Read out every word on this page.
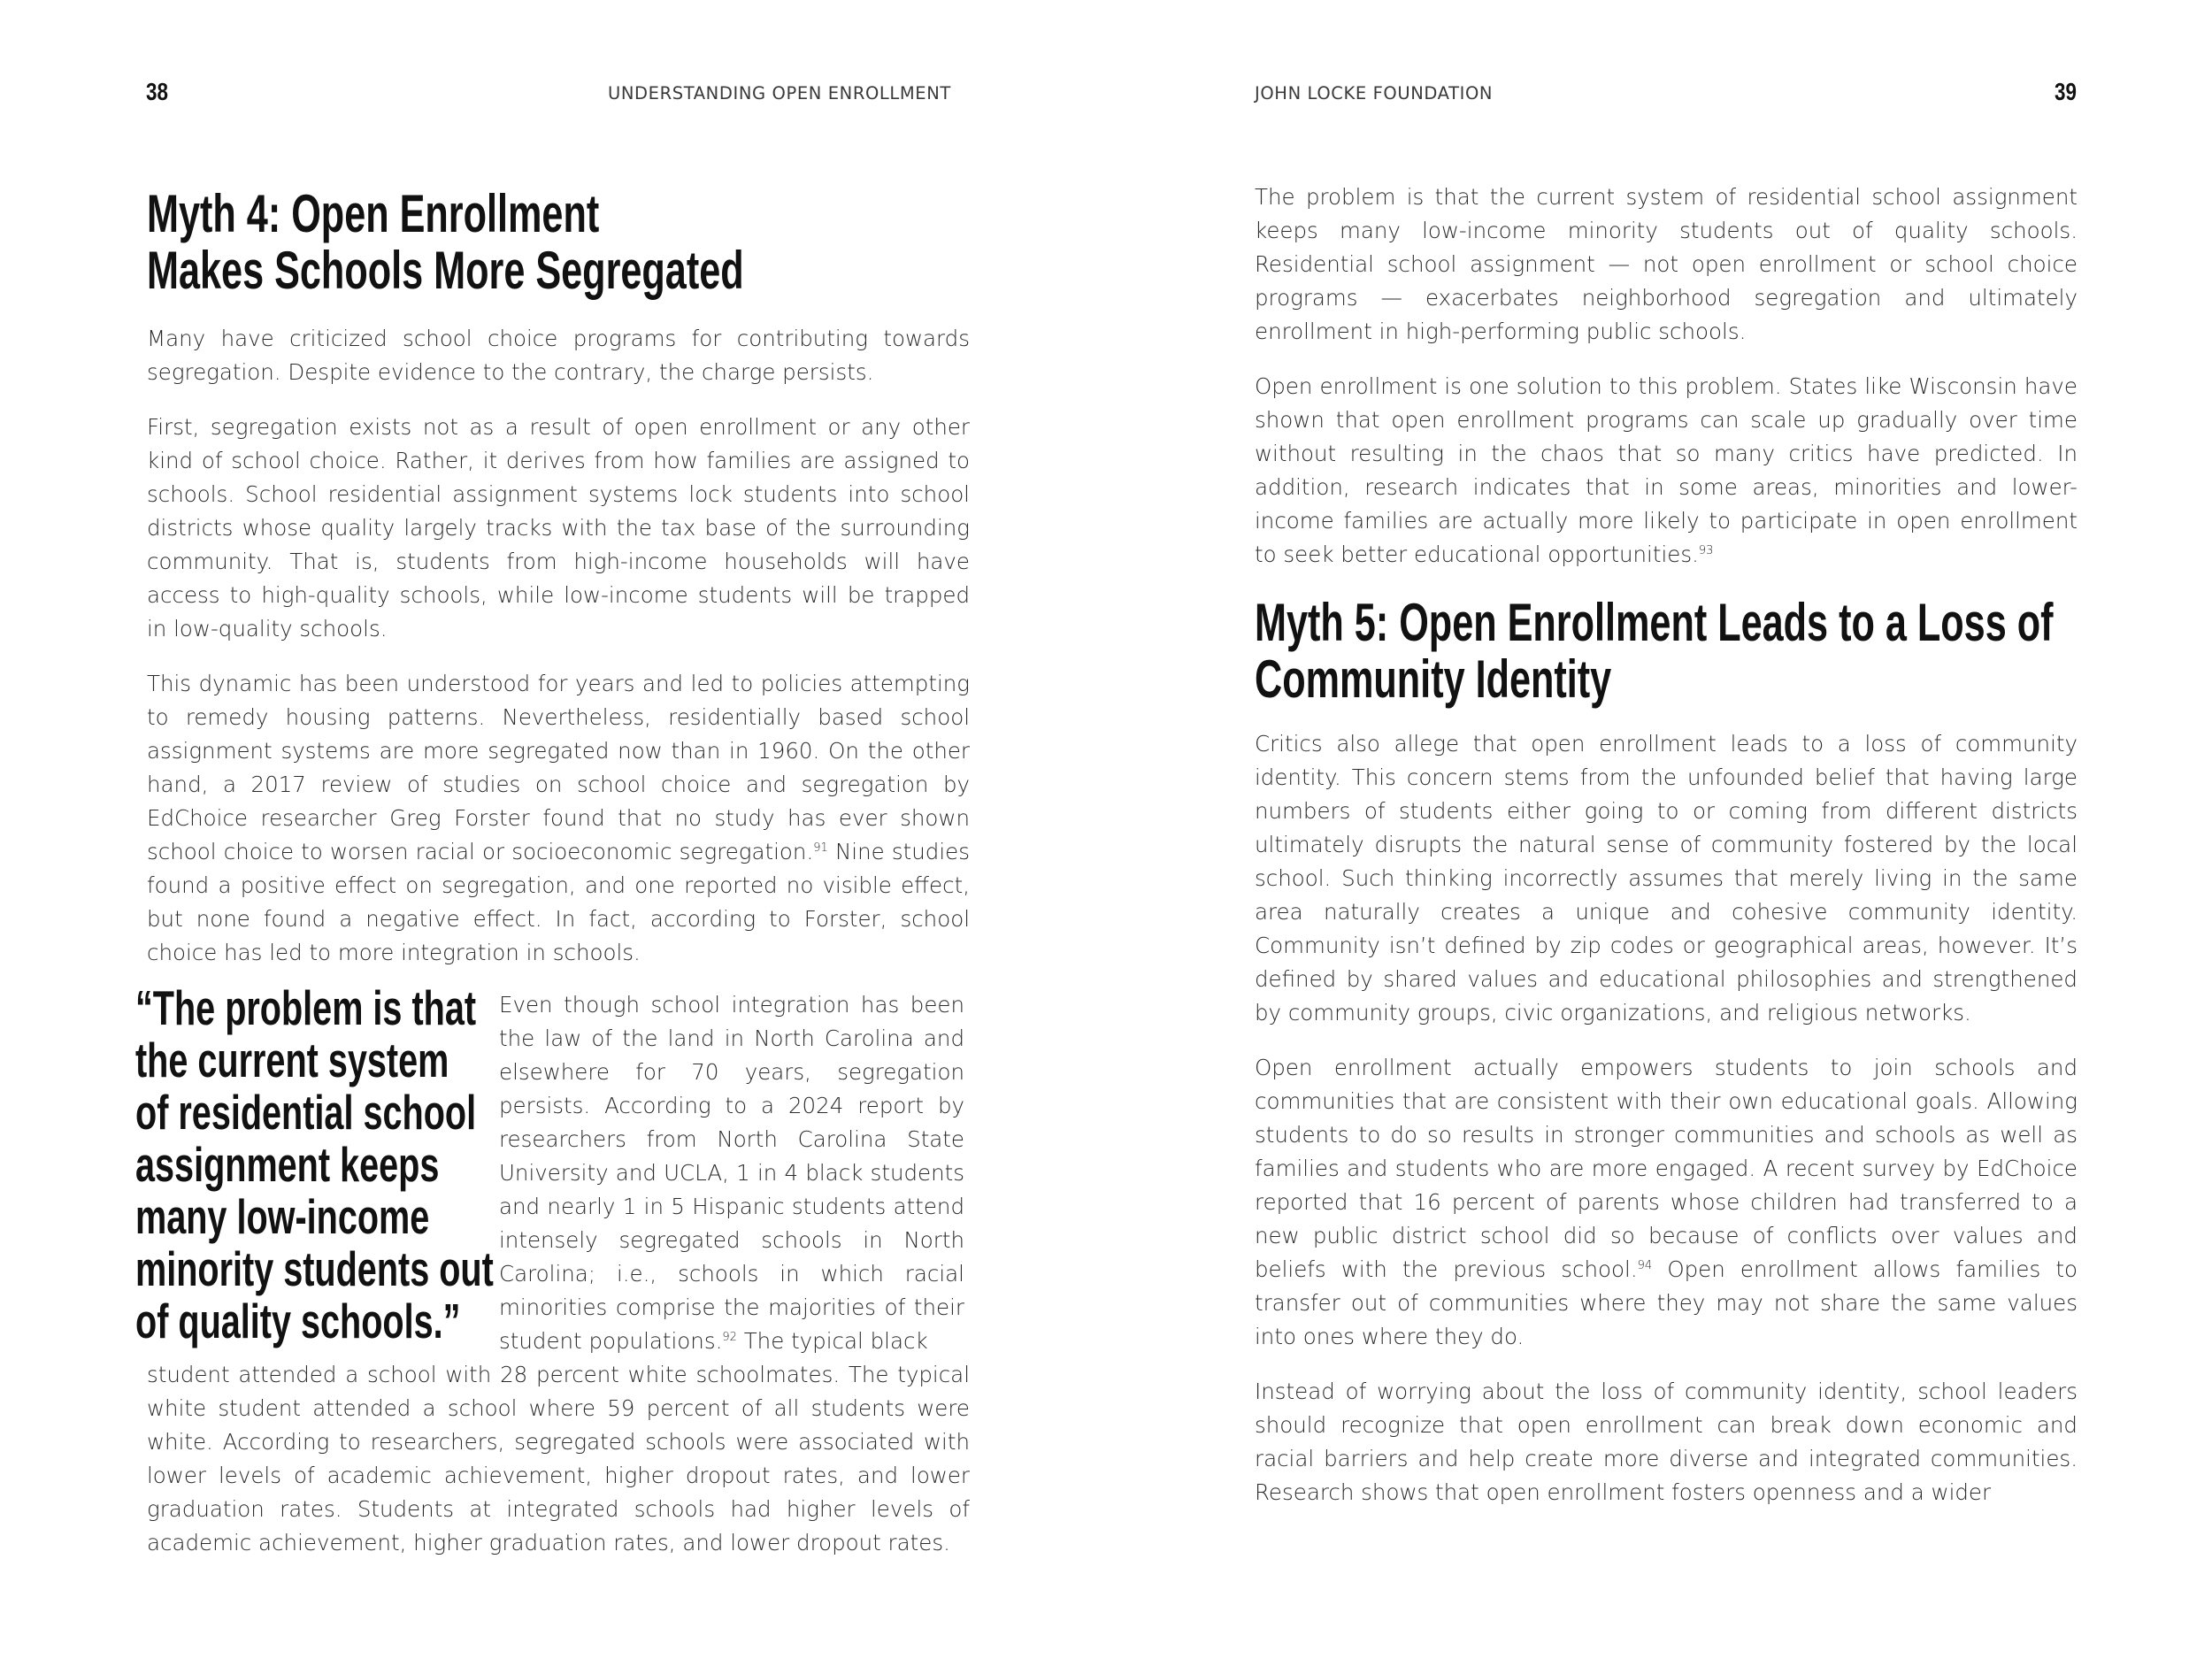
38	UNDERSTANDING OPEN ENROLLMENT
Myth 4: Open Enrollment
Makes Schools More Segregated

Many have criticized school choice programs for contributing towards segregation. Despite evidence to the contrary, the charge persists.

First, segregation exists not as a result of open enrollment or any other kind of school choice. Rather, it derives from how families are assigned to schools. School residential assignment systems lock students into school districts whose quality largely tracks with the tax base of the surrounding community. That is, students from high-income households will have access to high-quality schools, while low-income students will be trapped in low-quality schools.

This dynamic has been understood for years and led to policies attempting to remedy housing patterns. Nevertheless, residentially based school assignment systems are more segregated now than in 1960. On the other hand, a 2017 review of studies on school choice and segregation by EdChoice researcher Greg Forster found that no study has ever shown school choice to worsen racial or socioeconomic segregation.$^{91}$ Nine studies found a positive effect on segregation, and one reported no visible effect, but none found a negative effect. In fact, according to Forster, school choice has led to more integration in schools.

“The problem is that
the current system
of residential school
assignment keeps
many low-income
minority students out
of quality schools.”

Even though school integration has been the law of the land in North Carolina and elsewhere for 70 years, segregation persists. According to a 2024 report by researchers from North Carolina State University and UCLA, 1 in 4 black students and nearly 1 in 5 Hispanic students attend intensely segregated schools in North Carolina; i.e., schools in which racial minorities comprise the majorities of their student populations.$^{92}$ The typical black

student attended a school with 28 percent white schoolmates. The typical white student attended a school where 59 percent of all students were white. According to researchers, segregated schools were associated with lower levels of academic achievement, higher dropout rates, and lower graduation rates. Students at integrated schools had higher levels of academic achievement, higher graduation rates, and lower dropout rates.

JOHN LOCKE FOUNDATION	39

The problem is that the current system of residential school assignment keeps many low-income minority students out of quality schools. Residential school assignment — not open enrollment or school choice programs — exacerbates neighborhood segregation and ultimately enrollment in high-performing public schools.

Open enrollment is one solution to this problem. States like Wisconsin have shown that open enrollment programs can scale up gradually over time without resulting in the chaos that so many critics have predicted. In addition, research indicates that in some areas, minorities and lower-income families are actually more likely to participate in open enrollment to seek better educational opportunities.$^{93}$

Myth 5: Open Enrollment Leads to a Loss of
Community Identity

Critics also allege that open enrollment leads to a loss of community identity. This concern stems from the unfounded belief that having large numbers of students either going to or coming from different districts ultimately disrupts the natural sense of community fostered by the local school. Such thinking incorrectly assumes that merely living in the same area naturally creates a unique and cohesive community identity. Community isn’t defined by zip codes or geographical areas, however. It’s defined by shared values and educational philosophies and strengthened by community groups, civic organizations, and religious networks.

Open enrollment actually empowers students to join schools and communities that are consistent with their own educational goals. Allowing students to do so results in stronger communities and schools as well as families and students who are more engaged. A recent survey by EdChoice reported that 16 percent of parents whose children had transferred to a new public district school did so because of conflicts over values and beliefs with the previous school.$^{94}$ Open enrollment allows families to transfer out of communities where they may not share the same values into ones where they do.

Instead of worrying about the loss of community identity, school leaders should recognize that open enrollment can break down economic and racial barriers and help create more diverse and integrated communities. Research shows that open enrollment fosters openness and a wider
